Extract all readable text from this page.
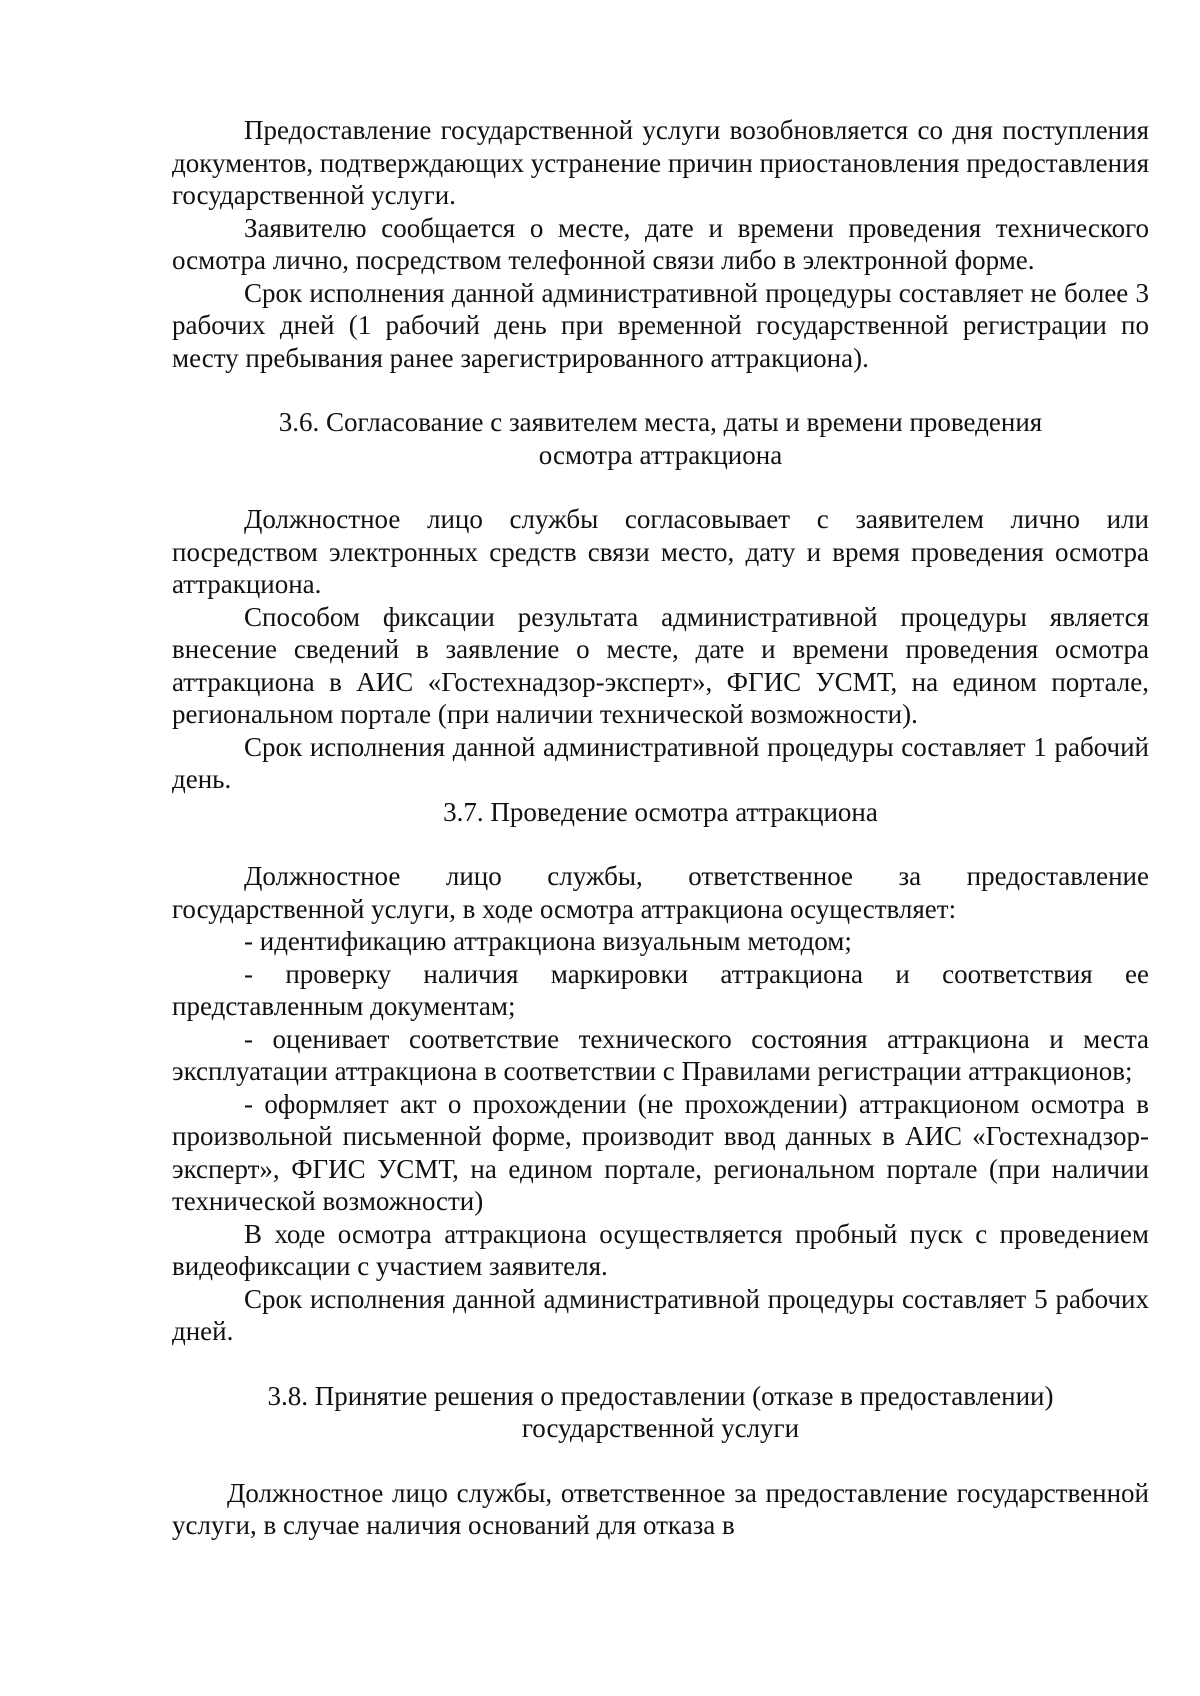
Предоставление государственной услуги возобновляется со дня поступления документов, подтверждающих устранение причин приостановления предоставления государственной услуги.

Заявителю сообщается о месте, дате и времени проведения технического осмотра лично, посредством телефонной связи либо в электронной форме.

Срок исполнения данной административной процедуры составляет не более 3 рабочих дней (1 рабочий день при временной государственной регистрации по месту пребывания ранее зарегистрированного аттракциона).

3.6. Согласование с заявителем места, даты и времени проведения

осмотра аттракциона

Должностное лицо службы согласовывает с заявителем лично или посредством электронных средств связи место, дату и время проведения осмотра аттракциона.

Способом фиксации результата административной процедуры является внесение сведений в заявление о месте, дате и времени проведения осмотра аттракциона в АИС «Гостехнадзор-эксперт», ФГИС УСМТ, на едином портале, региональном портале (при наличии технической возможности).

Срок исполнения данной административной процедуры составляет 1 рабочий день.

3.7. Проведение осмотра аттракциона

Должностное лицо службы, ответственное за предоставление государственной услуги, в ходе осмотра аттракциона осуществляет:

- идентификацию аттракциона визуальным методом;

- проверку наличия маркировки аттракциона и соответствия ее представленным документам;

- оценивает соответствие технического состояния аттракциона и места эксплуатации аттракциона в соответствии с Правилами регистрации аттракционов;

- оформляет акт о прохождении (не прохождении) аттракционом осмотра в произвольной письменной форме, производит ввод данных в АИС «Гостехнадзор-эксперт», ФГИС УСМТ, на едином портале, региональном портале (при наличии технической возможности)

В ходе осмотра аттракциона осуществляется пробный пуск с проведением видеофиксации с участием заявителя.

Срок исполнения данной административной процедуры составляет 5 рабочих дней.

3.8. Принятие решения о предоставлении (отказе в предоставлении)

государственной услуги

Должностное лицо службы, ответственное за предоставление государственной услуги, в случае наличия оснований для отказа в
